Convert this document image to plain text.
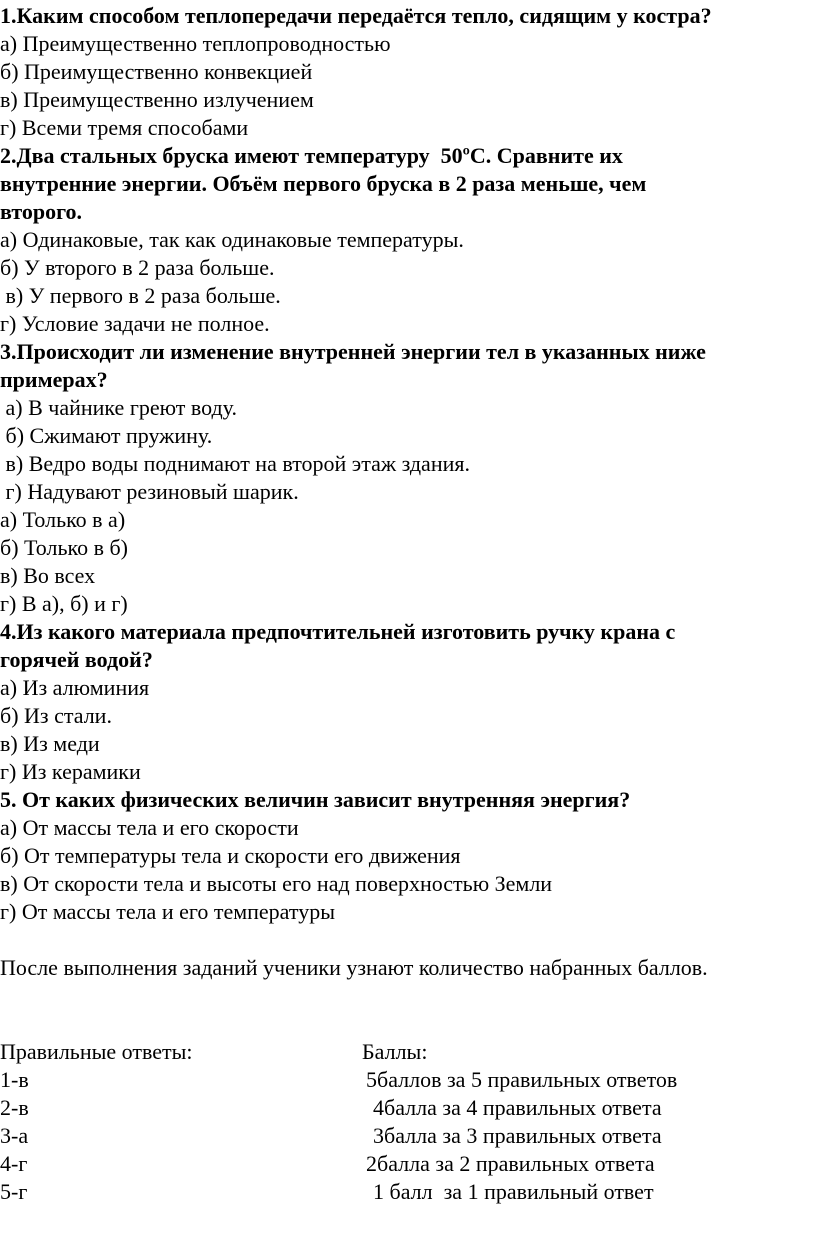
1.Каким способом теплопередачи передаётся тепло, сидящим у костра?
а) Преимущественно теплопроводностью
б) Преимущественно конвекцией
в) Преимущественно излучением
г) Всеми тремя способами
2.Два стальных бруска имеют температуру  50ºС. Сравните их
внутренние энергии. Объём первого бруска в 2 раза меньше, чем
второго.
а) Одинаковые, так как одинаковые температуры.
б) У второго в 2 раза больше.
в) У первого в 2 раза больше.
г) Условие задачи не полное.
3.Происходит ли изменение внутренней энергии тел в указанных ниже
примерах?
а) В чайнике греют воду.
б) Сжимают пружину.
в) Ведро воды поднимают на второй этаж здания.
г) Надувают резиновый шарик.
а) Только в а)
б) Только в б)
в) Во всех
г) В а), б) и г)
4.Из какого материала предпочтительней изготовить ручку крана с
горячей водой?
а) Из алюминия
б) Из стали.
в) Из меди
г) Из керамики
5. От каких физических величин зависит внутренняя энергия?
а) От массы тела и его скорости
б) От температуры тела и скорости его движения
в) От скорости тела и высоты его над поверхностью Земли
г) От массы тела и его температуры
После выполнения заданий ученики узнают количество набранных баллов.
Правильные ответы:	Баллы:
1-в	5баллов за 5 правильных ответов
2-в	4балла за 4 правильных ответа
3-а	3балла за 3 правильных ответа
4-г	2балла за 2 правильных ответа
5-г	1 балл  за 1 правильный ответ
